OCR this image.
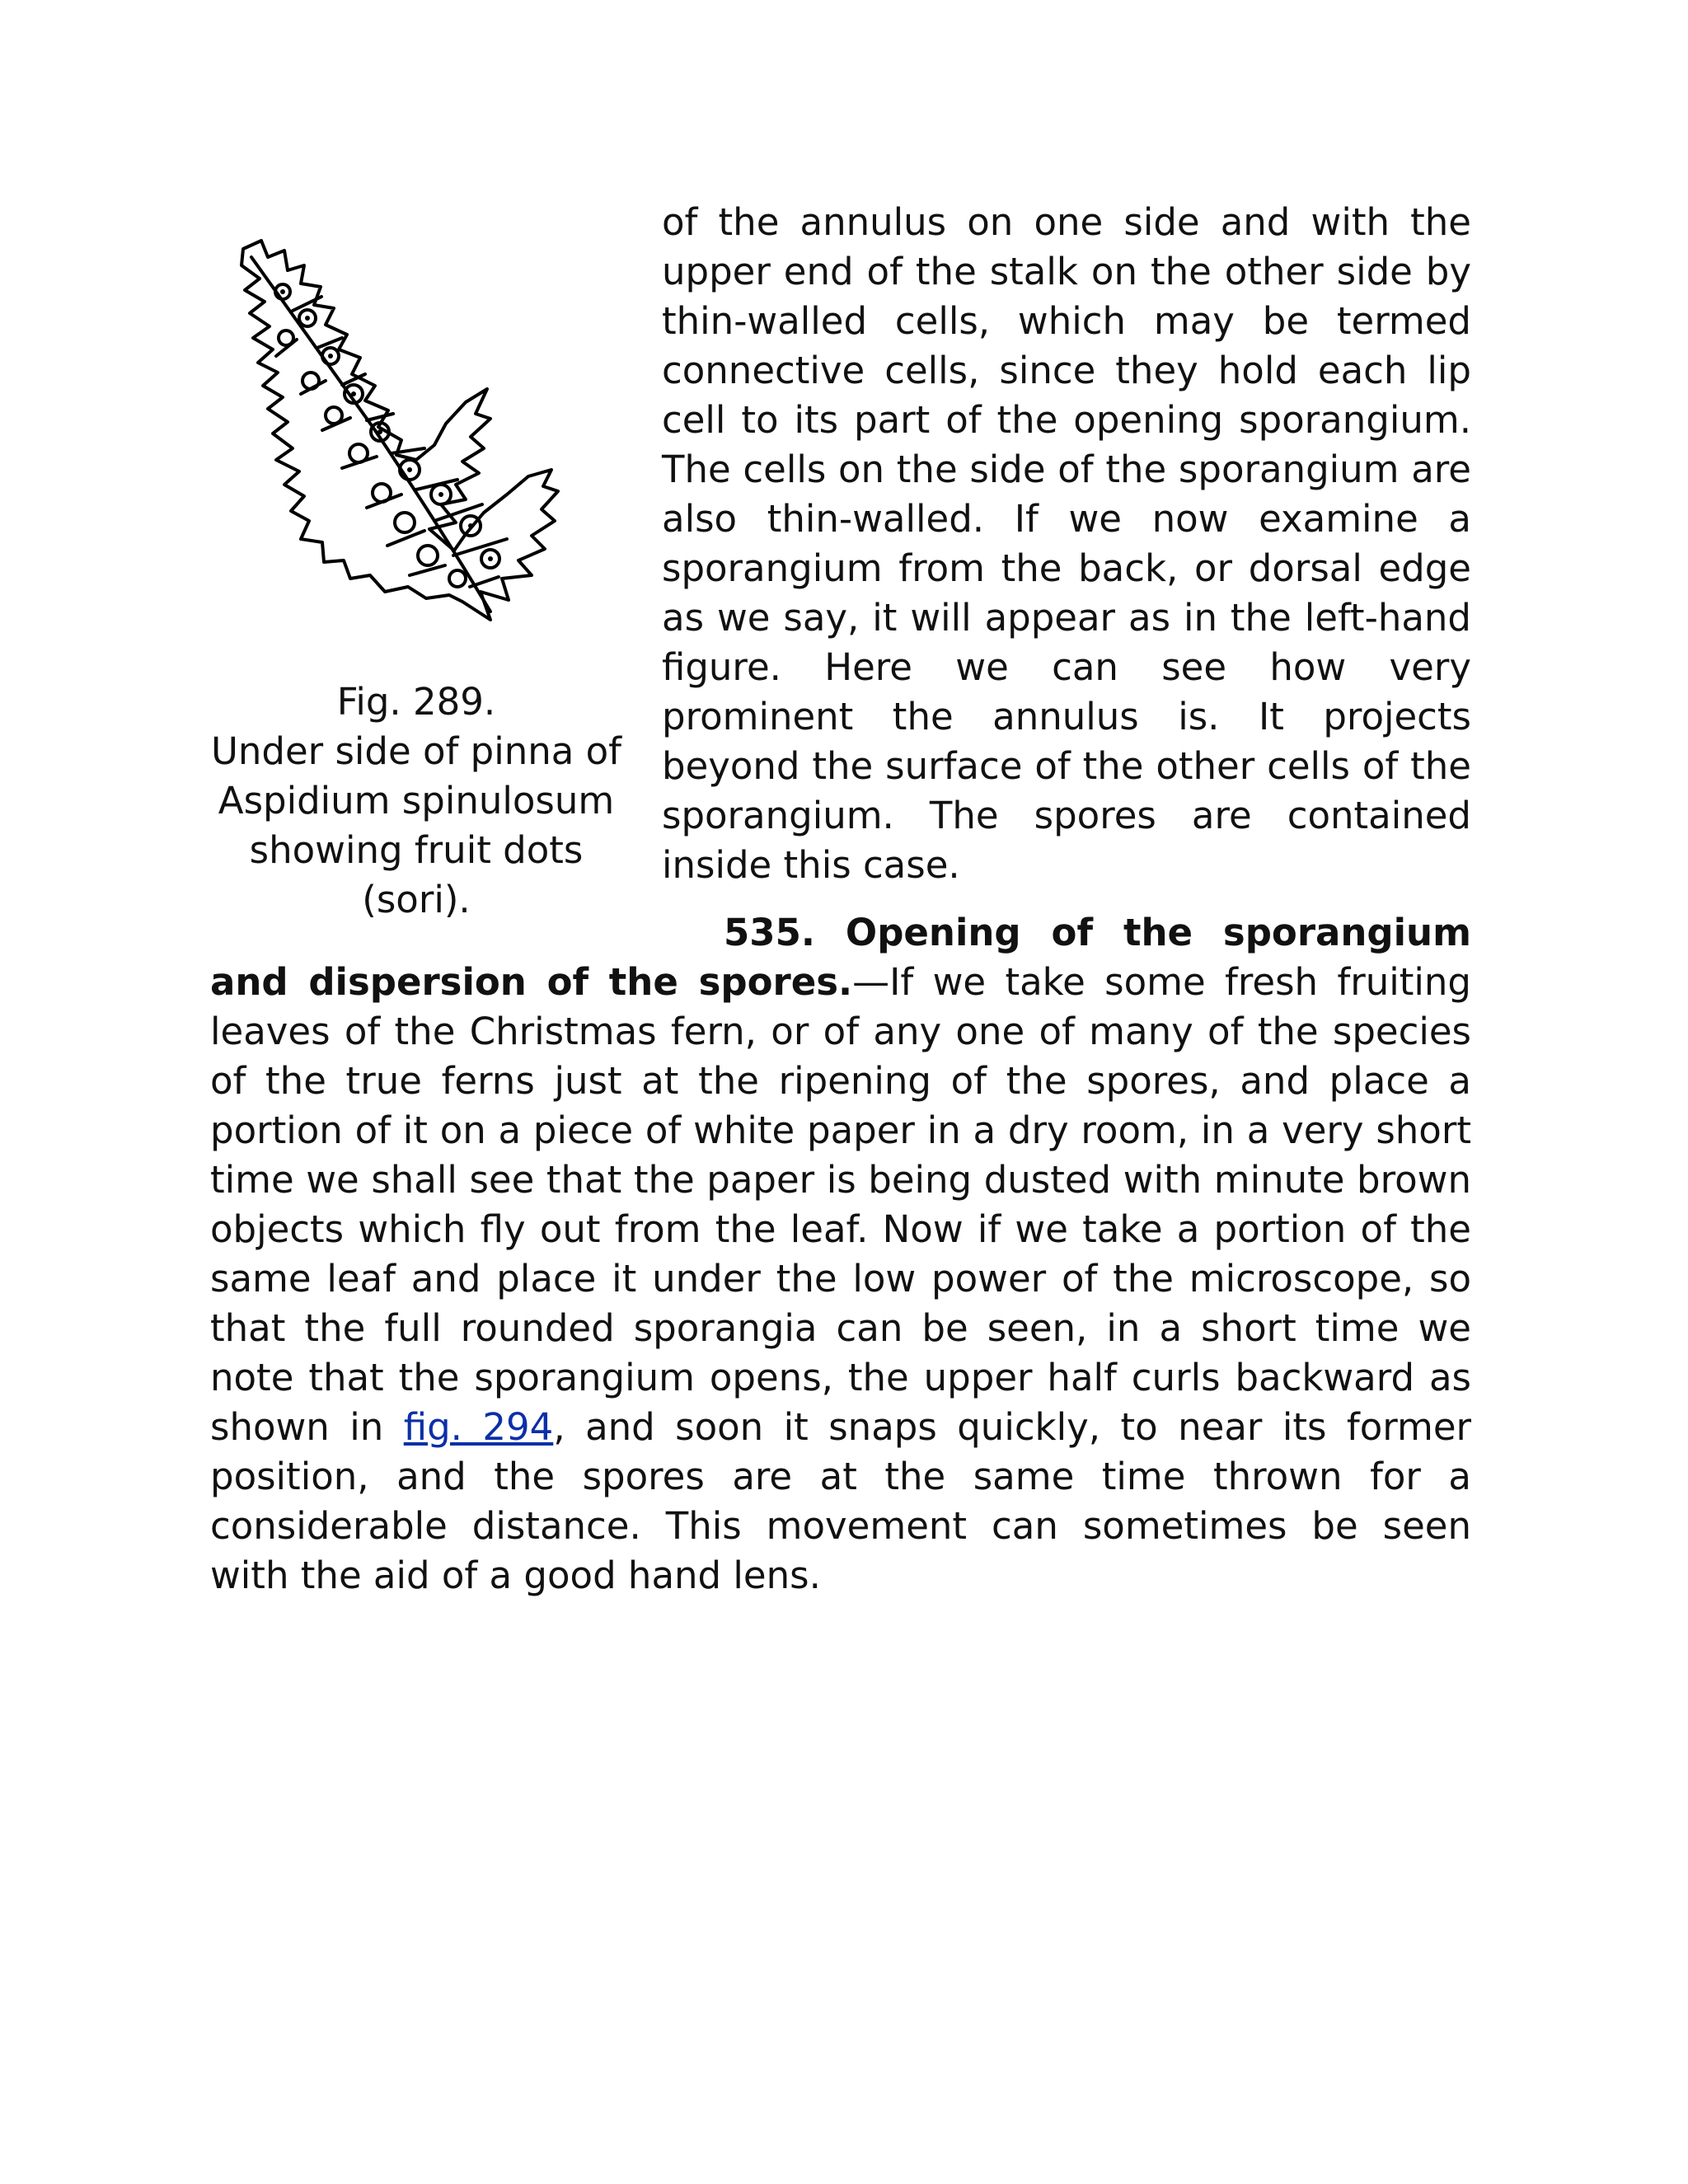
Fig. 289.
Under side of pinna of
Aspidium spinulosum
showing fruit dots
(sori).

of the annulus on one side and with the upper end of the stalk on the other side by thin-walled cells, which may be termed connective cells, since they hold each lip cell to its part of the opening sporangium. The cells on the side of the sporangium are also thin-walled. If we now examine a sporangium from the back, or dorsal edge as we say, it will appear as in the left-hand figure. Here we can see how very prominent the annulus is. It projects beyond the surface of the other cells of the sporangium. The spores are contained inside this case.

535. Opening of the sporangium and dispersion of the spores.—If we take some fresh fruiting leaves of the Christmas fern, or of any one of many of the species of the true ferns just at the ripening of the spores, and place a portion of it on a piece of white paper in a dry room, in a very short time we shall see that the paper is being dusted with minute brown objects which fly out from the leaf. Now if we take a portion of the same leaf and place it under the low power of the microscope, so that the full rounded sporangia can be seen, in a short time we note that the sporangium opens, the upper half curls backward as shown in fig. 294, and soon it snaps quickly, to near its former position, and the spores are at the same time thrown for a considerable distance. This movement can sometimes be seen with the aid of a good hand lens.
